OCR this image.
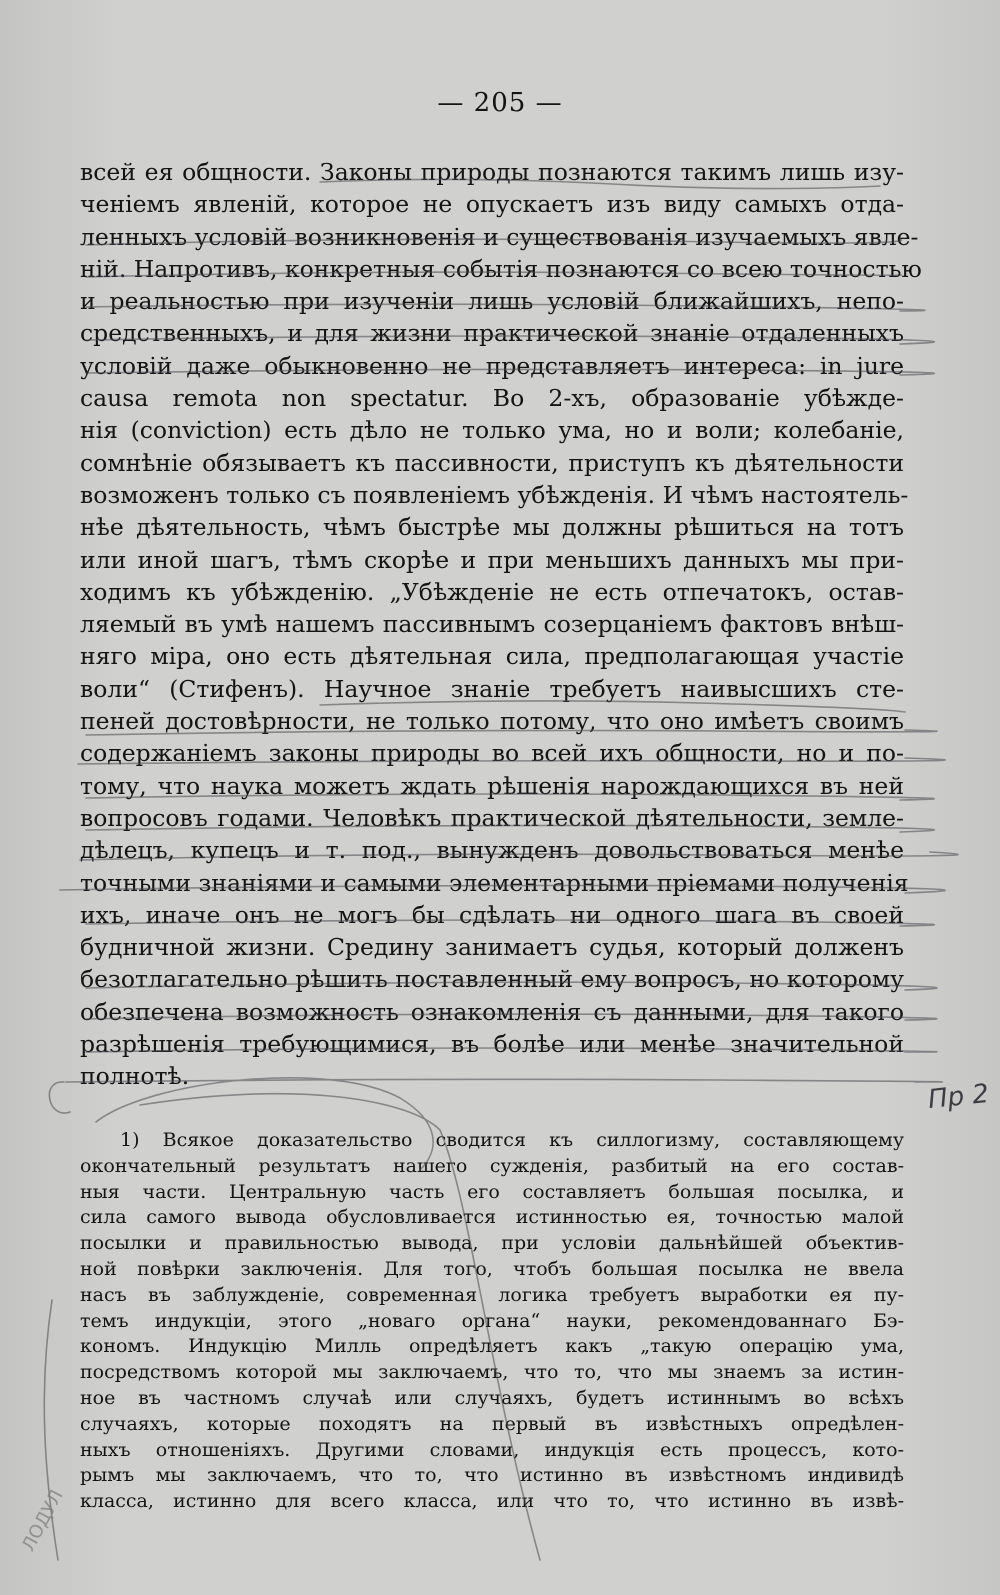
— 205 —
всей ея общности. Законы природы познаются такимъ лишь изу-
ченіемъ явленій, которое не опускаетъ изъ виду самыхъ отда-
ленныхъ условій возникновенія и существованія изучаемыхъ явле-
ній. Напротивъ, конкретныя событія познаются со всею точностью
и реальностью при изученіи лишь условій ближайшихъ, непо-
средственныхъ, и для жизни практической знаніе отдаленныхъ
условій даже обыкновенно не представляетъ интереса: in jure
causa remota non spectatur. Во 2-хъ, образованіе убѣжде-
нія (conviction) есть дѣло не только ума, но и воли; колебаніе,
сомнѣніе обязываетъ къ пассивности, приступъ къ дѣятельности
возможенъ только съ появленіемъ убѣжденія. И чѣмъ настоятель-
нѣе дѣятельность, чѣмъ быстрѣе мы должны рѣшиться на тотъ
или иной шагъ, тѣмъ скорѣе и при меньшихъ данныхъ мы при-
ходимъ къ убѣжденію. „Убѣжденіе не есть отпечатокъ, остав-
ляемый въ умѣ нашемъ пассивнымъ созерцаніемъ фактовъ внѣш-
няго міра, оно есть дѣятельная сила, предполагающая участіе
воли“ (Стифенъ). Научное знаніе требуетъ наивысшихъ сте-
пеней достовѣрности, не только потому, что оно имѣетъ своимъ
содержаніемъ законы природы во всей ихъ общности, но и по-
тому, что наука можетъ ждать рѣшенія нарождающихся въ ней
вопросовъ годами. Человѣкъ практической дѣятельности, земле-
дѣлецъ, купецъ и т. под., вынужденъ довольствоваться менѣе
точными знаніями и самыми элементарными пріемами полученія
ихъ, иначе онъ не могъ бы сдѣлать ни одного шага въ своей
будничной жизни. Средину занимаетъ судья, который долженъ
безотлагательно рѣшить поставленный ему вопросъ, но которому
обезпечена возможность ознакомленія съ данными, для такого
разрѣшенія требующимися, въ болѣе или менѣе значительной
полнотѣ.
1) Всякое доказательство сводится къ силлогизму, составляющему
окончательный результатъ нашего сужденія, разбитый на его состав-
ныя части. Центральную часть его составляетъ большая посылка, и
сила самого вывода обусловливается истинностью ея, точностью малой
посылки и правильностью вывода, при условіи дальнѣйшей объектив-
ной повѣрки заключенія. Для того, чтобъ большая посылка не ввела
насъ въ заблужденіе, современная логика требуетъ выработки ея пу-
темъ индукціи, этого „новаго органа“ науки, рекомендованнаго Бэ-
кономъ. Индукцію Милль опредѣляетъ какъ „такую операцію ума,
посредствомъ которой мы заключаемъ, что то, что мы знаемъ за истин-
ное въ частномъ случаѣ или случаяхъ, будетъ истиннымъ во всѣхъ
случаяхъ, которые походятъ на первый въ извѣстныхъ опредѣлен-
ныхъ отношеніяхъ. Другими словами, индукція есть процессъ, кото-
рымъ мы заключаемъ, что то, что истинно въ извѣстномъ индивидѣ
класса, истинно для всего класса, или что то, что истинно въ извѣ-
Пр 2
ЛОДУЛ
